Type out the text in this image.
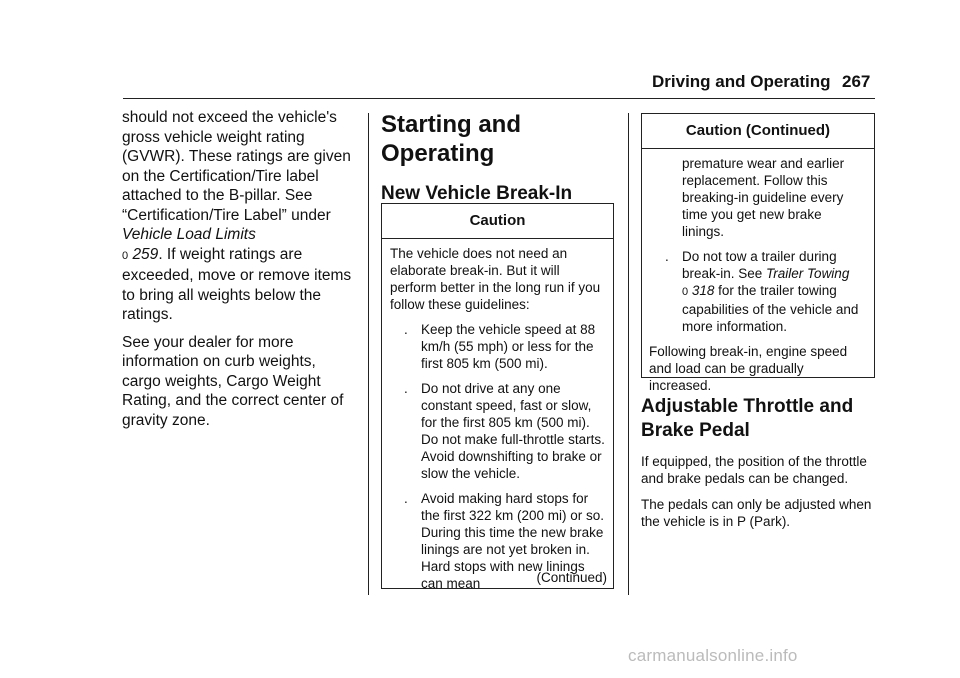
Driving and Operating 267

should not exceed the vehicle's gross vehicle weight rating (GVWR). These ratings are given on the Certification/Tire label attached to the B-pillar. See “Certification/Tire Label” under Vehicle Load Limits
0 259. If weight ratings are exceeded, move or remove items to bring all weights below the ratings.

See your dealer for more information on curb weights, cargo weights, Cargo Weight Rating, and the correct center of gravity zone.

Starting and Operating

New Vehicle Break-In

Caution

The vehicle does not need an elaborate break-in. But it will perform better in the long run if you follow these guidelines:

. Keep the vehicle speed at 88 km/h (55 mph) or less for the first 805 km (500 mi).
. Do not drive at any one constant speed, fast or slow, for the first 805 km (500 mi). Do not make full-throttle starts. Avoid downshifting to brake or slow the vehicle.
. Avoid making hard stops for the first 322 km (200 mi) or so. During this time the new brake linings are not yet broken in. Hard stops with new linings can mean	(Continued)
Caution (Continued)

premature wear and earlier replacement. Follow this breaking-in guideline every time you get new brake linings.

. Do not tow a trailer during break-in. See Trailer Towing
0 318 for the trailer towing capabilities of the vehicle and more information.

Following break-in, engine speed and load can be gradually increased.

Adjustable Throttle and Brake Pedal

If equipped, the position of the throttle and brake pedals can be changed.

The pedals can only be adjusted when the vehicle is in P (Park).

carmanualsonline.info
